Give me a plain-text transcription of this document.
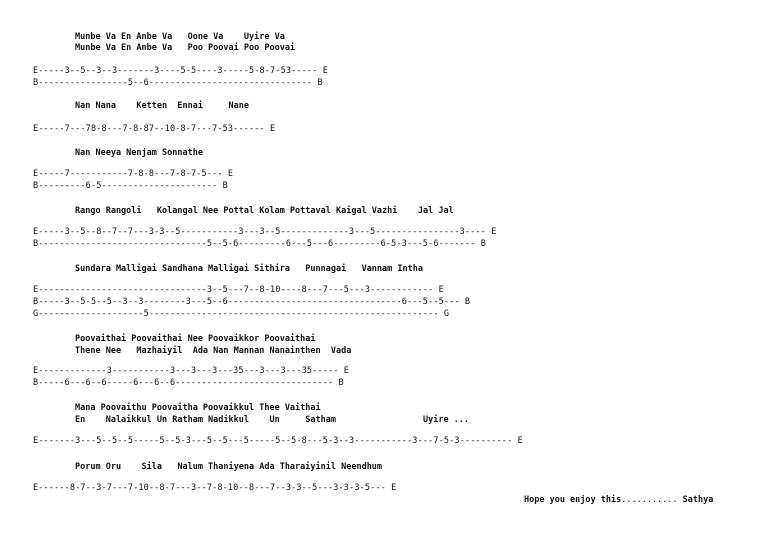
Munbe Va En Anbe Va   Oone Va    Uyire Va
Munbe Va En Anbe Va   Poo Poovai Poo Poovai
E-----3--5--3--3-------3----5-5----3-----5-8-7-53----- E
B-----------------5--6------------------------------- B
Nan Nana    Ketten  Ennai     Nane
E-----7---78-8---7-8-87--10-8-7---7-53------ E
Nan Neeya Nenjam Sonnathe
E-----7-----------7-8-8---7-8-7-5--- E
B---------6-5---------------------- B
Rango Rangoli   Kolangal Nee Pottal Kolam Pottaval Kaigal Vazhi    Jal Jal
E-----3--5--8--7--7---3-3--5-----------3---3--5-------------3---5----------------3---- E
B--------------------------------5--5-6---------6---5---6---------6-5-3---5-6------- B
Sundara Malligai Sandhana Malligai Sithira   Punnagai   Vannam Intha
E--------------------------------3--5---7--8-10----8---7---5---3------------ E
B-----3--5-5--5--3--3--------3---5--6---------------------------------6---5--5--- B
G--------------------5------------------------------------------------------- G
Poovaithai Poovaithai Nee Poovaikkor Poovaithai
Thene Nee   Mazhaiyil  Ada Nan Mannan Nanainthen  Vada
E-------------3-----------3---3---3---35---3---3---35----- E
B-----6---6--6-----6---6--6------------------------------ B
Mana Poovaithu Poovaitha Poovaikkul Thee Vaithai
En    Nalaikkul Un Ratham Nadikkul    Un     Satham                 Uyire ...
E-------3---5--5--5-----5--5-3---5--5---5-----5--5-8---5-3--3-----------3---7-5-3---------- E
Porum Oru    Sila   Nalum Thaniyena Ada Tharaiyinil Neendhum
E------8-7--3-7---7-10--8-7---3--7-8-10--8---7--3-3--5---3-3-3-5--- E
Hope you enjoy this........... Sathya
